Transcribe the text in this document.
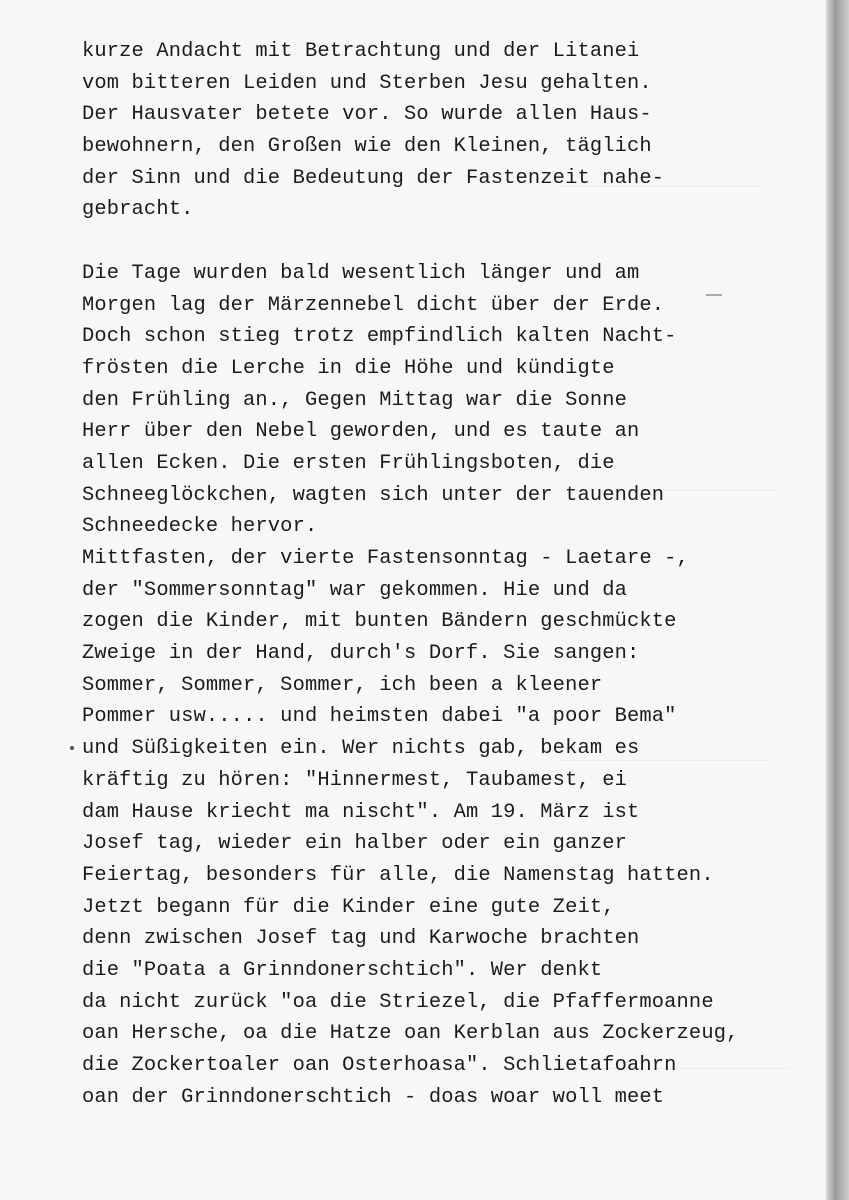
kurze Andacht mit Betrachtung und der Litanei
vom bitteren Leiden und Sterben Jesu gehalten.
Der Hausvater betete vor. So wurde allen Haus-
bewohnern, den Großen wie den Kleinen, täglich
der Sinn und die Bedeutung der Fastenzeit nahe-
gebracht.
Die Tage wurden bald wesentlich länger und am
Morgen lag der Märzennebel dicht über der Erde.
Doch schon stieg trotz empfindlich kalten Nacht-
frösten die Lerche in die Höhe und kündigte
den Frühling an., Gegen Mittag war die Sonne
Herr über den Nebel geworden, und es taute an
allen Ecken. Die ersten Frühlingsboten, die
Schneeglöckchen, wagten sich unter der tauenden
Schneedecke hervor.
Mittfasten, der vierte Fastensonntag - Laetare -,
der "Sommersonntag" war gekommen. Hie und da
zogen die Kinder, mit bunten Bändern geschmückte
Zweige in der Hand, durch's Dorf. Sie sangen:
Sommer, Sommer, Sommer, ich been a kleener
Pommer usw..... und heimsten dabei "a poor Bema"
und Süßigkeiten ein. Wer nichts gab, bekam es
kräftig zu hören: "Hinnermest, Taubamest, ei
dam Hause kriecht ma nischt". Am 19. März ist
Josef tag, wieder ein halber oder ein ganzer
Feiertag, besonders für alle, die Namenstag hatten.
Jetzt begann für die Kinder eine gute Zeit,
denn zwischen Josef tag und Karwoche brachten
die "Poata a Grinndonerschtich". Wer denkt
da nicht zurück "oa die Striezel, die Pfaffermoanne
oan Hersche, oa die Hatze oan Kerblan aus Zockerzeug,
die Zockertoaler oan Osterhoasa". Schlietafoahrn
oan der Grinndonerschtich - doas woar woll meet
